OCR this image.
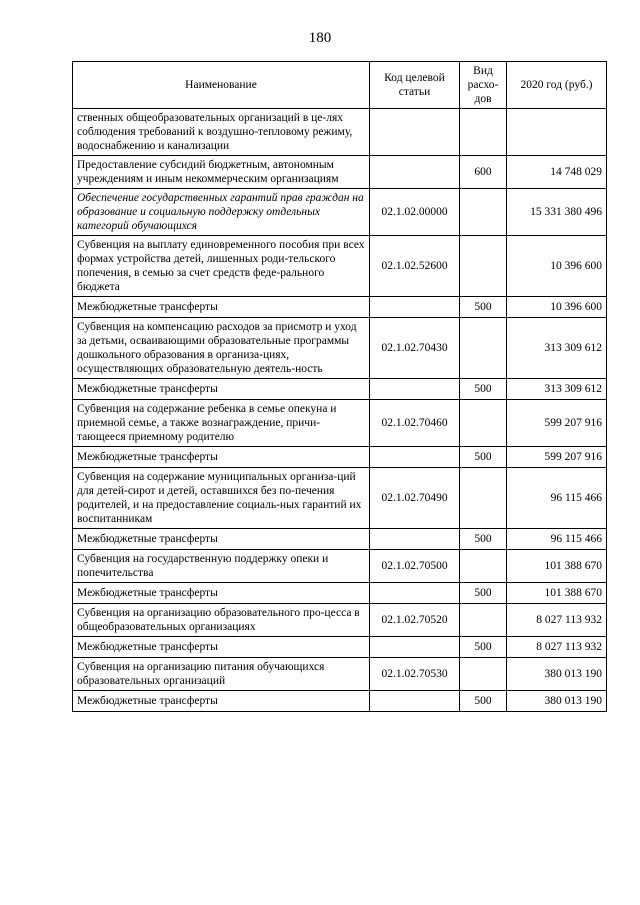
180
Наименование	Код целевой статьи	Вид расхо-дов	2020 год (руб.)
ственных общеобразовательных организаций в це-лях соблюдения требований к воздушно-тепловому режиму, водоснабжению и канализации			
Предоставление субсидий бюджетным, автономным учреждениям и иным некоммерческим организациям		600	14 748 029
Обеспечение государственных гарантий прав граждан на образование и социальную поддержку отдельных категорий обучающихся	02.1.02.00000		15 331 380 496
Субвенция на выплату единовременного пособия при всех формах устройства детей, лишенных роди-тельского попечения, в семью за счет средств феде-рального бюджета	02.1.02.52600		10 396 600
Межбюджетные трансферты		500	10 396 600
Субвенция на компенсацию расходов за присмотр и уход за детьми, осваивающими образовательные программы дошкольного образования в организа-циях, осуществляющих образовательную деятель-ность	02.1.02.70430		313 309 612
Межбюджетные трансферты		500	313 309 612
Субвенция на содержание ребенка в семье опекуна и приемной семье, а также вознаграждение, причи-тающееся приемному родителю	02.1.02.70460		599 207 916
Межбюджетные трансферты		500	599 207 916
Субвенция на содержание муниципальных организа-ций для детей-сирот и детей, оставшихся без по-печения родителей, и на предоставление социаль-ных гарантий их воспитанникам	02.1.02.70490		96 115 466
Межбюджетные трансферты		500	96 115 466
Субвенция на государственную поддержку опеки и попечительства	02.1.02.70500		101 388 670
Межбюджетные трансферты		500	101 388 670
Субвенция на организацию образовательного про-цесса в общеобразовательных организациях	02.1.02.70520		8 027 113 932
Межбюджетные трансферты		500	8 027 113 932
Субвенция на организацию питания обучающихся образовательных организаций	02.1.02.70530		380 013 190
Межбюджетные трансферты		500	380 013 190
